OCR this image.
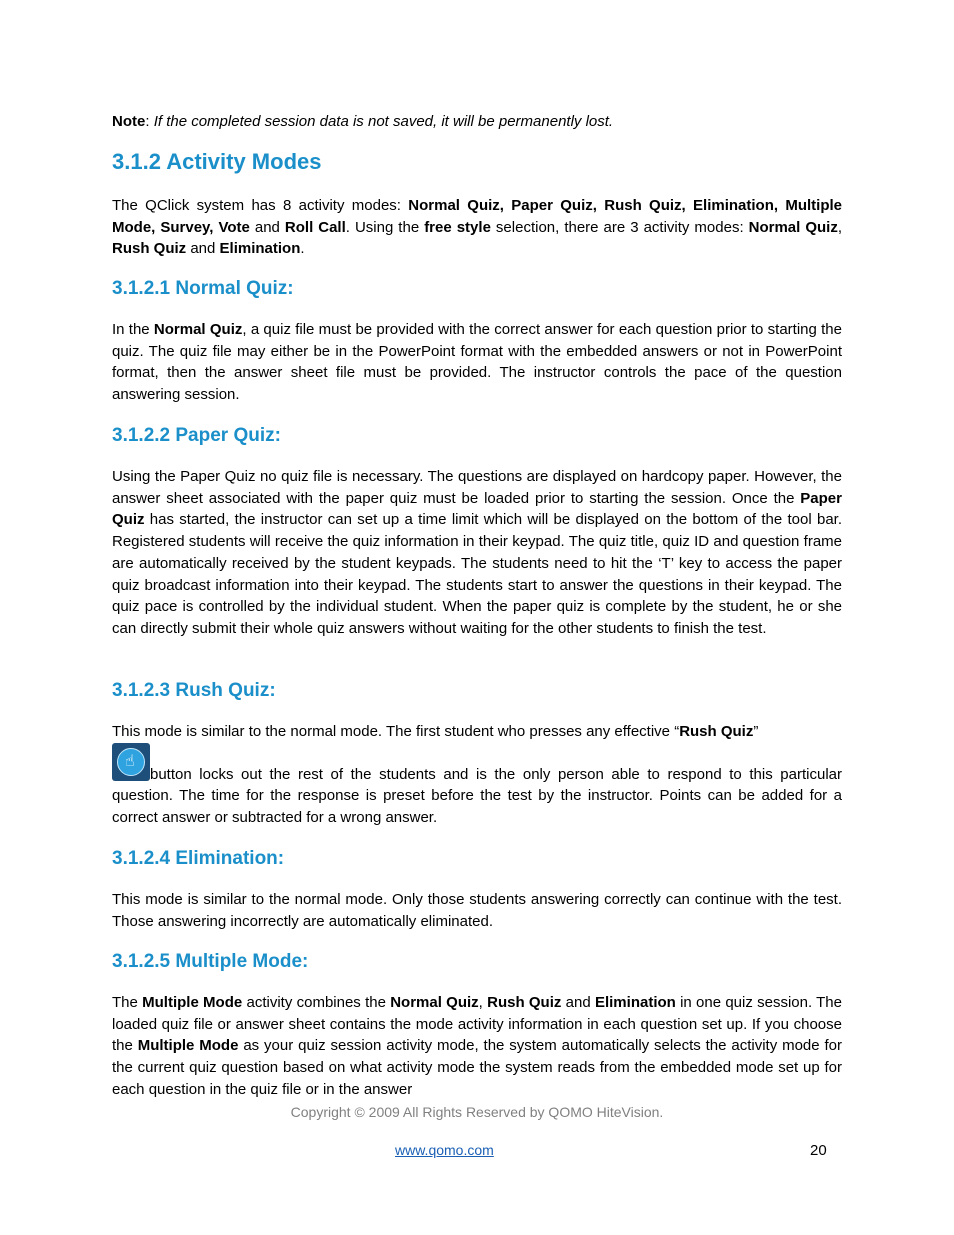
Note: If the completed session data is not saved, it will be permanently lost.
3.1.2 Activity Modes

The QClick system has 8 activity modes: Normal Quiz, Paper Quiz, Rush Quiz, Elimination, Multiple Mode, Survey, Vote and Roll Call. Using the free style selection, there are 3 activity modes: Normal Quiz, Rush Quiz and Elimination.

3.1.2.1 Normal Quiz:

In the Normal Quiz, a quiz file must be provided with the correct answer for each question prior to starting the quiz. The quiz file may either be in the PowerPoint format with the embedded answers or not in PowerPoint format, then the answer sheet file must be provided. The instructor controls the pace of the question answering session.

3.1.2.2 Paper Quiz:

Using the Paper Quiz no quiz file is necessary. The questions are displayed on hardcopy paper. However, the answer sheet associated with the paper quiz must be loaded prior to starting the session. Once the Paper Quiz has started, the instructor can set up a time limit which will be displayed on the bottom of the tool bar. Registered students will receive the quiz information in their keypad. The quiz title, quiz ID and question frame are automatically received by the student keypads. The students need to hit the ‘T’ key to access the paper quiz broadcast information into their keypad. The students start to answer the questions in their keypad. The quiz pace is controlled by the individual student. When the paper quiz is complete by the student, he or she can directly submit their whole quiz answers without waiting for the other students to finish the test.

3.1.2.3 Rush Quiz:

This mode is similar to the normal mode. The first student who presses any effective “Rush Quiz”

☝
button locks out the rest of the students and is the only person able to respond to this particular question. The time for the response is preset before the test by the instructor. Points can be added for a correct answer or subtracted for a wrong answer.

3.1.2.4 Elimination:

This mode is similar to the normal mode. Only those students answering correctly can continue with the test. Those answering incorrectly are automatically eliminated.

3.1.2.5 Multiple Mode:

The Multiple Mode activity combines the Normal Quiz, Rush Quiz and Elimination in one quiz session. The loaded quiz file or answer sheet contains the mode activity information in each question set up. If you choose the Multiple Mode as your quiz session activity mode, the system automatically selects the activity mode for the current quiz question based on what activity mode the system reads from the embedded mode set up for each question in the quiz file or in the answer

Copyright © 2009 All Rights Reserved by QOMO HiteVision.
www.qomo.com	20
